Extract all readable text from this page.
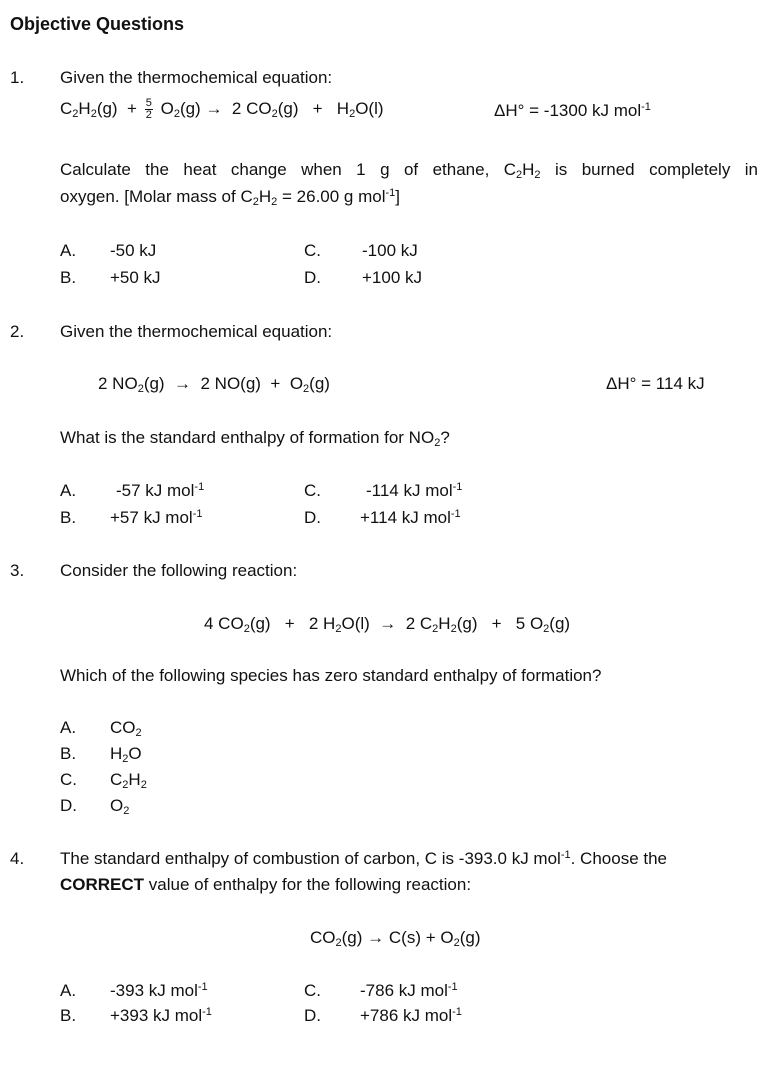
Objective Questions
1. Given the thermochemical equation:
$C_2H_2(g) + \frac{5}{2} O_2(g) \to 2$ $CO_2(g) + H_2O(l)$	ΔH° = -1300 kJ mol$^{-1}$
Calculate the heat change when 1 g of ethane, $C_2H_2$ is burned completely in
oxygen. [Molar mass of $C_2H_2 = 26.00$ g mol$^{-1}$]
A. -50 kJ
B. +50 kJ
C. -100 kJ
D. +100 kJ
2. Given the thermochemical equation:
2 $NO_2(g) \to 2$ $NO(g) + O_2(g)$	ΔH° = 114 kJ
What is the standard enthalpy of formation for $NO_2$?
A. -57 kJ mol$^{-1}$
B. +57 kJ mol$^{-1}$
C.	-114 kJ mol$^{-1}$
D. +114 kJ mol$^{-1}$
3. Consider the following reaction:
4 $CO_2(g) + 2$ $H_2O(l) \to 2$ $C_2H_2(g) + 5$ $O_2(g)$
Which of the following species has zero standard enthalpy of formation?
A. $CO_2$
B. $H_2O$
C. $C_2H_2$
D. $O_2$
4. The standard enthalpy of combustion of carbon, C is -393.0 kJ mol$^{-1}$. Choose the
CORRECT value of enthalpy for the following reaction:
$CO_2(g) \to C(s) + O_2(g)$
A. -393 kJ mol$^{-1}$
B. +393 kJ mol$^{-1}$
C. -786 kJ mol$^{-1}$
D. +786 kJ mol$^{-1}$
